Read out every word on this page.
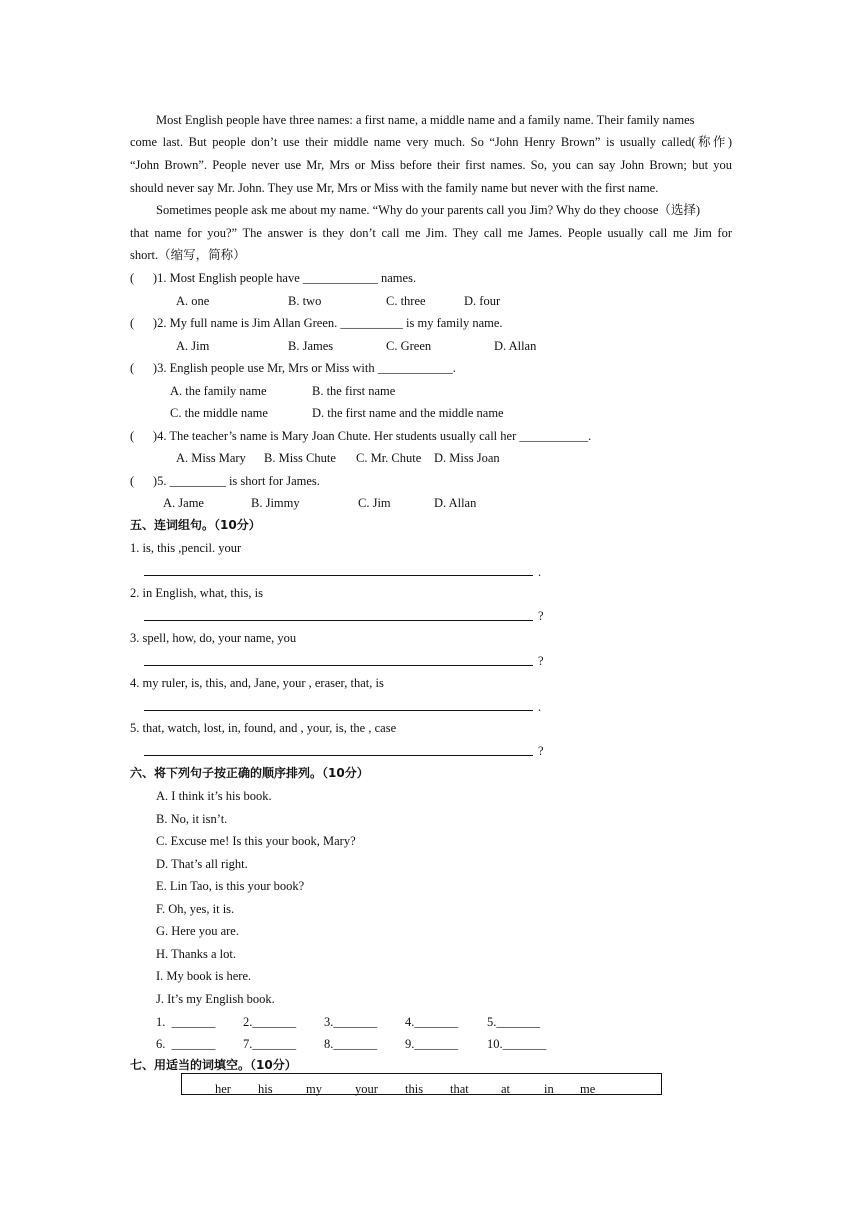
Most English people have three names: a first name, a middle name and a family name. Their family names
come last. But people don’t use their middle name very much. So “John Henry Brown” is usually called(称作)
“John Brown”. People never use Mr, Mrs or Miss before their first names. So, you can say John Brown; but you
should never say Mr. John. They use Mr, Mrs or Miss with the family name but never with the first name.
Sometimes people ask me about my name. “Why do your parents call you Jim? Why do they choose（选择)
that name for you?” The answer is they don’t call me Jim. They call me James. People usually call me Jim for
short.（缩写，简称）
(      )1. Most English people have ____________ names.
A. one	B. two	C. three	D. four
(      )2. My full name is Jim Allan Green. __________ is my family name.
A. Jim	B. James	C. Green	D. Allan
(      )3. English people use Mr, Mrs or Miss with ____________.
A. the family name	B. the first name
C. the middle name	D. the first name and the middle name
(      )4. The teacher’s name is Mary Joan Chute. Her students usually call her ___________.
A. Miss Mary B. Miss Chute C. Mr. Chute D. Miss Joan
(      )5. _________ is short for James.
A. Jame	B. Jimmy	C. Jim	D. Allan
五、连词组句。（10分）
1. is, this ,pencil. your
.
2. in English, what, this, is
?
3. spell, how, do, your name, you
?
4. my ruler, is, this, and, Jane, your , eraser, that, is
.
5. that, watch, lost, in, found, and , your, is, the , case
?
六、将下列句子按正确的顺序排列。（10分）
A. I think it’s his book.
B. No, it isn’t.
C. Excuse me! Is this your book, Mary?
D. That’s all right.
E. Lin Tao, is this your book?
F. Oh, yes, it is.
G. Here you are.
H. Thanks a lot.
I. My book is here.
J. It’s my English book.
1.  _______ 2._______ 3._______ 4._______ 5._______
6.  _______ 7._______ 8._______ 9._______ 10._______
七、用适当的词填空。（10分）
her his	my	your this that	at	in me
